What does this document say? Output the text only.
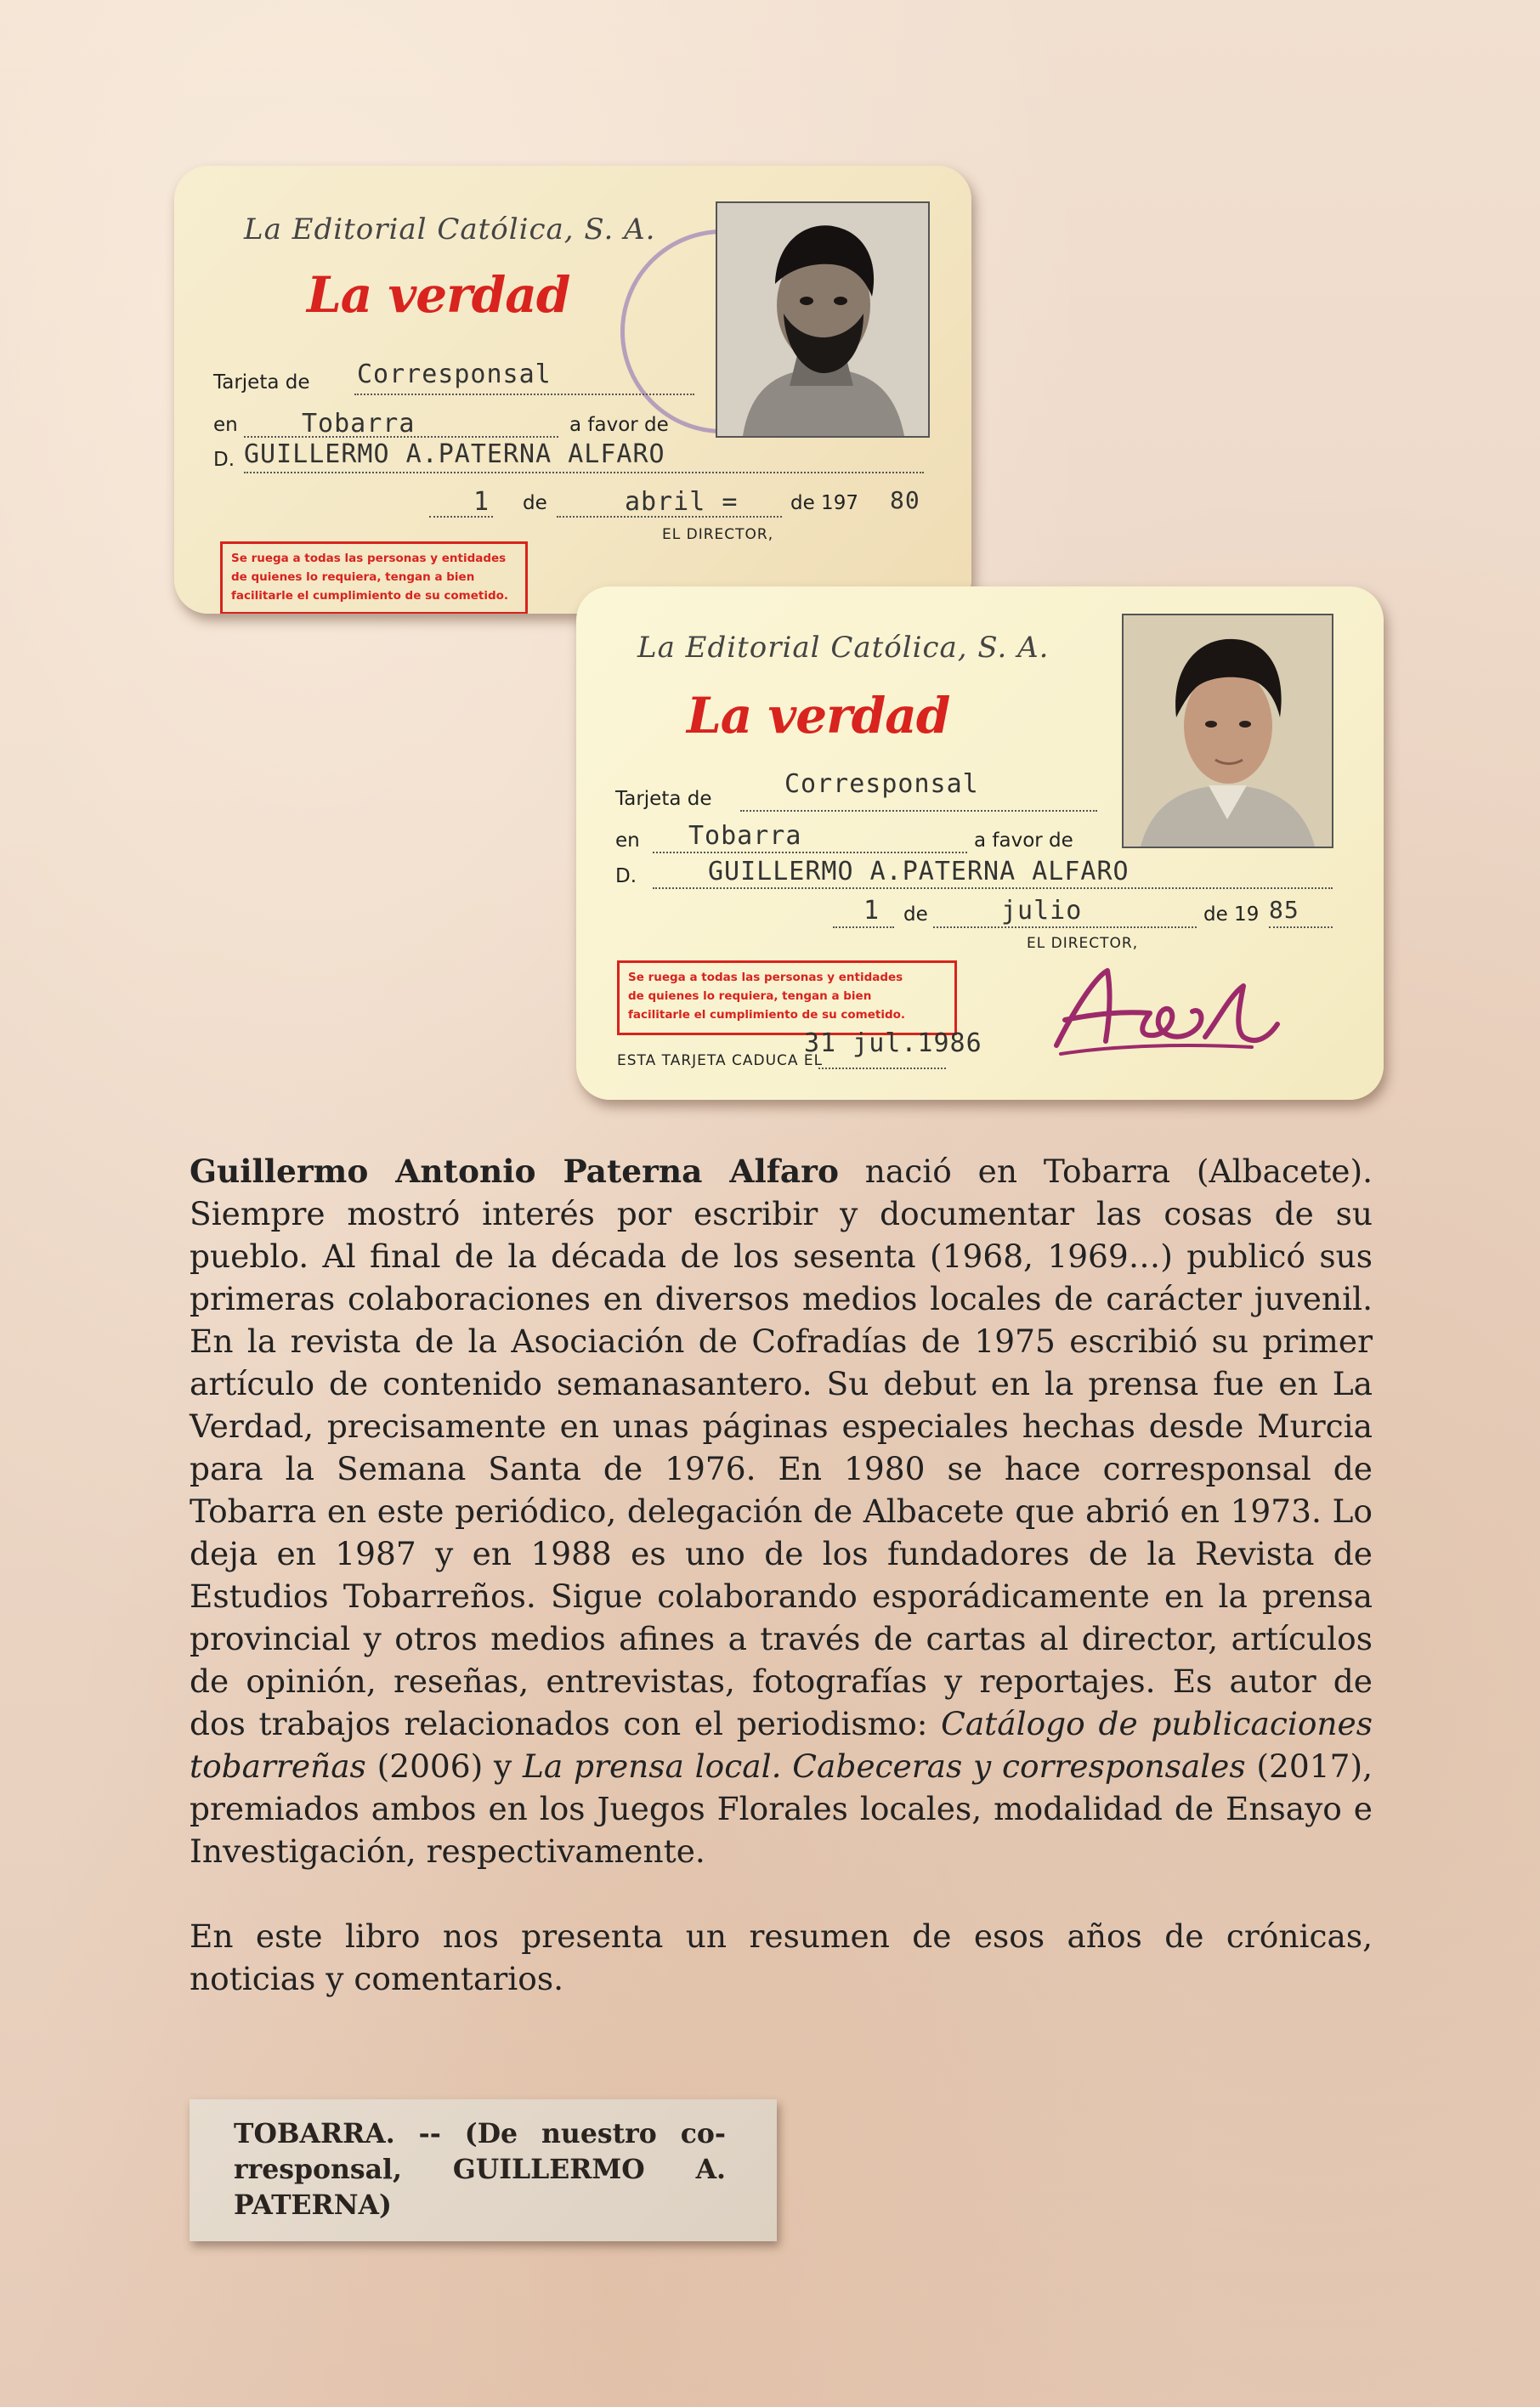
La Editorial Católica, S. A.
La verdad
Tarjeta de Corresponsal
en	Tobarra	a favor de
D. GUILLERMO A.PATERNA ALFARO
1 de	abril =	de 197 80
EL DIRECTOR,
Se ruega a todas las personas y entidades
de quienes lo requiera, tengan a bien
facilitarle el cumplimiento de su cometido.
La Editorial Católica, S. A.
La verdad
Tarjeta de	Corresponsal
en Tobarra	a favor de
D.	GUILLERMO A.PATERNA ALFARO
1 de	julio	de 19 85
EL DIRECTOR,
Se ruega a todas las personas y entidades
de quienes lo requiera, tengan a bien
facilitarle el cumplimiento de su cometido.
ESTA TARJETA CADUCA EL
31 jul.1986

Guillermo Antonio Paterna Alfaro nació en Tobarra (Albacete). Siempre mostró interés por escribir y documentar las cosas de su pueblo. Al final de la década de los sesenta (1968, 1969…) publicó sus primeras colaboraciones en diversos medios locales de carácter juvenil. En la revista de la Asociación de Cofradías de 1975 escribió su primer artículo de contenido semanasantero. Su debut en la prensa fue en La Verdad, precisamente en unas páginas especiales hechas desde Murcia para la Semana Santa de 1976. En 1980 se hace corresponsal de Tobarra en este periódico, delegación de Albacete que abrió en 1973. Lo deja en 1987 y en 1988 es uno de los fundadores de la Revista de Estudios Tobarreños. Sigue colaborando esporádicamente en la prensa provincial y otros medios afines a través de cartas al director, artículos de opinión, reseñas, entrevistas, fotografías y reportajes. Es autor de dos trabajos relacionados con el periodismo: Catálogo de publicaciones tobarreñas (2006) y La prensa local. Cabeceras y corresponsales (2017), premiados ambos en los Juegos Florales locales, modalidad de Ensayo e Investigación, respectivamente.

En este libro nos presenta un resumen de esos años de crónicas, noticias y comentarios.

TOBARRA. -- (De nuestro corresponsal, GUILLERMO A. PATERNA)
